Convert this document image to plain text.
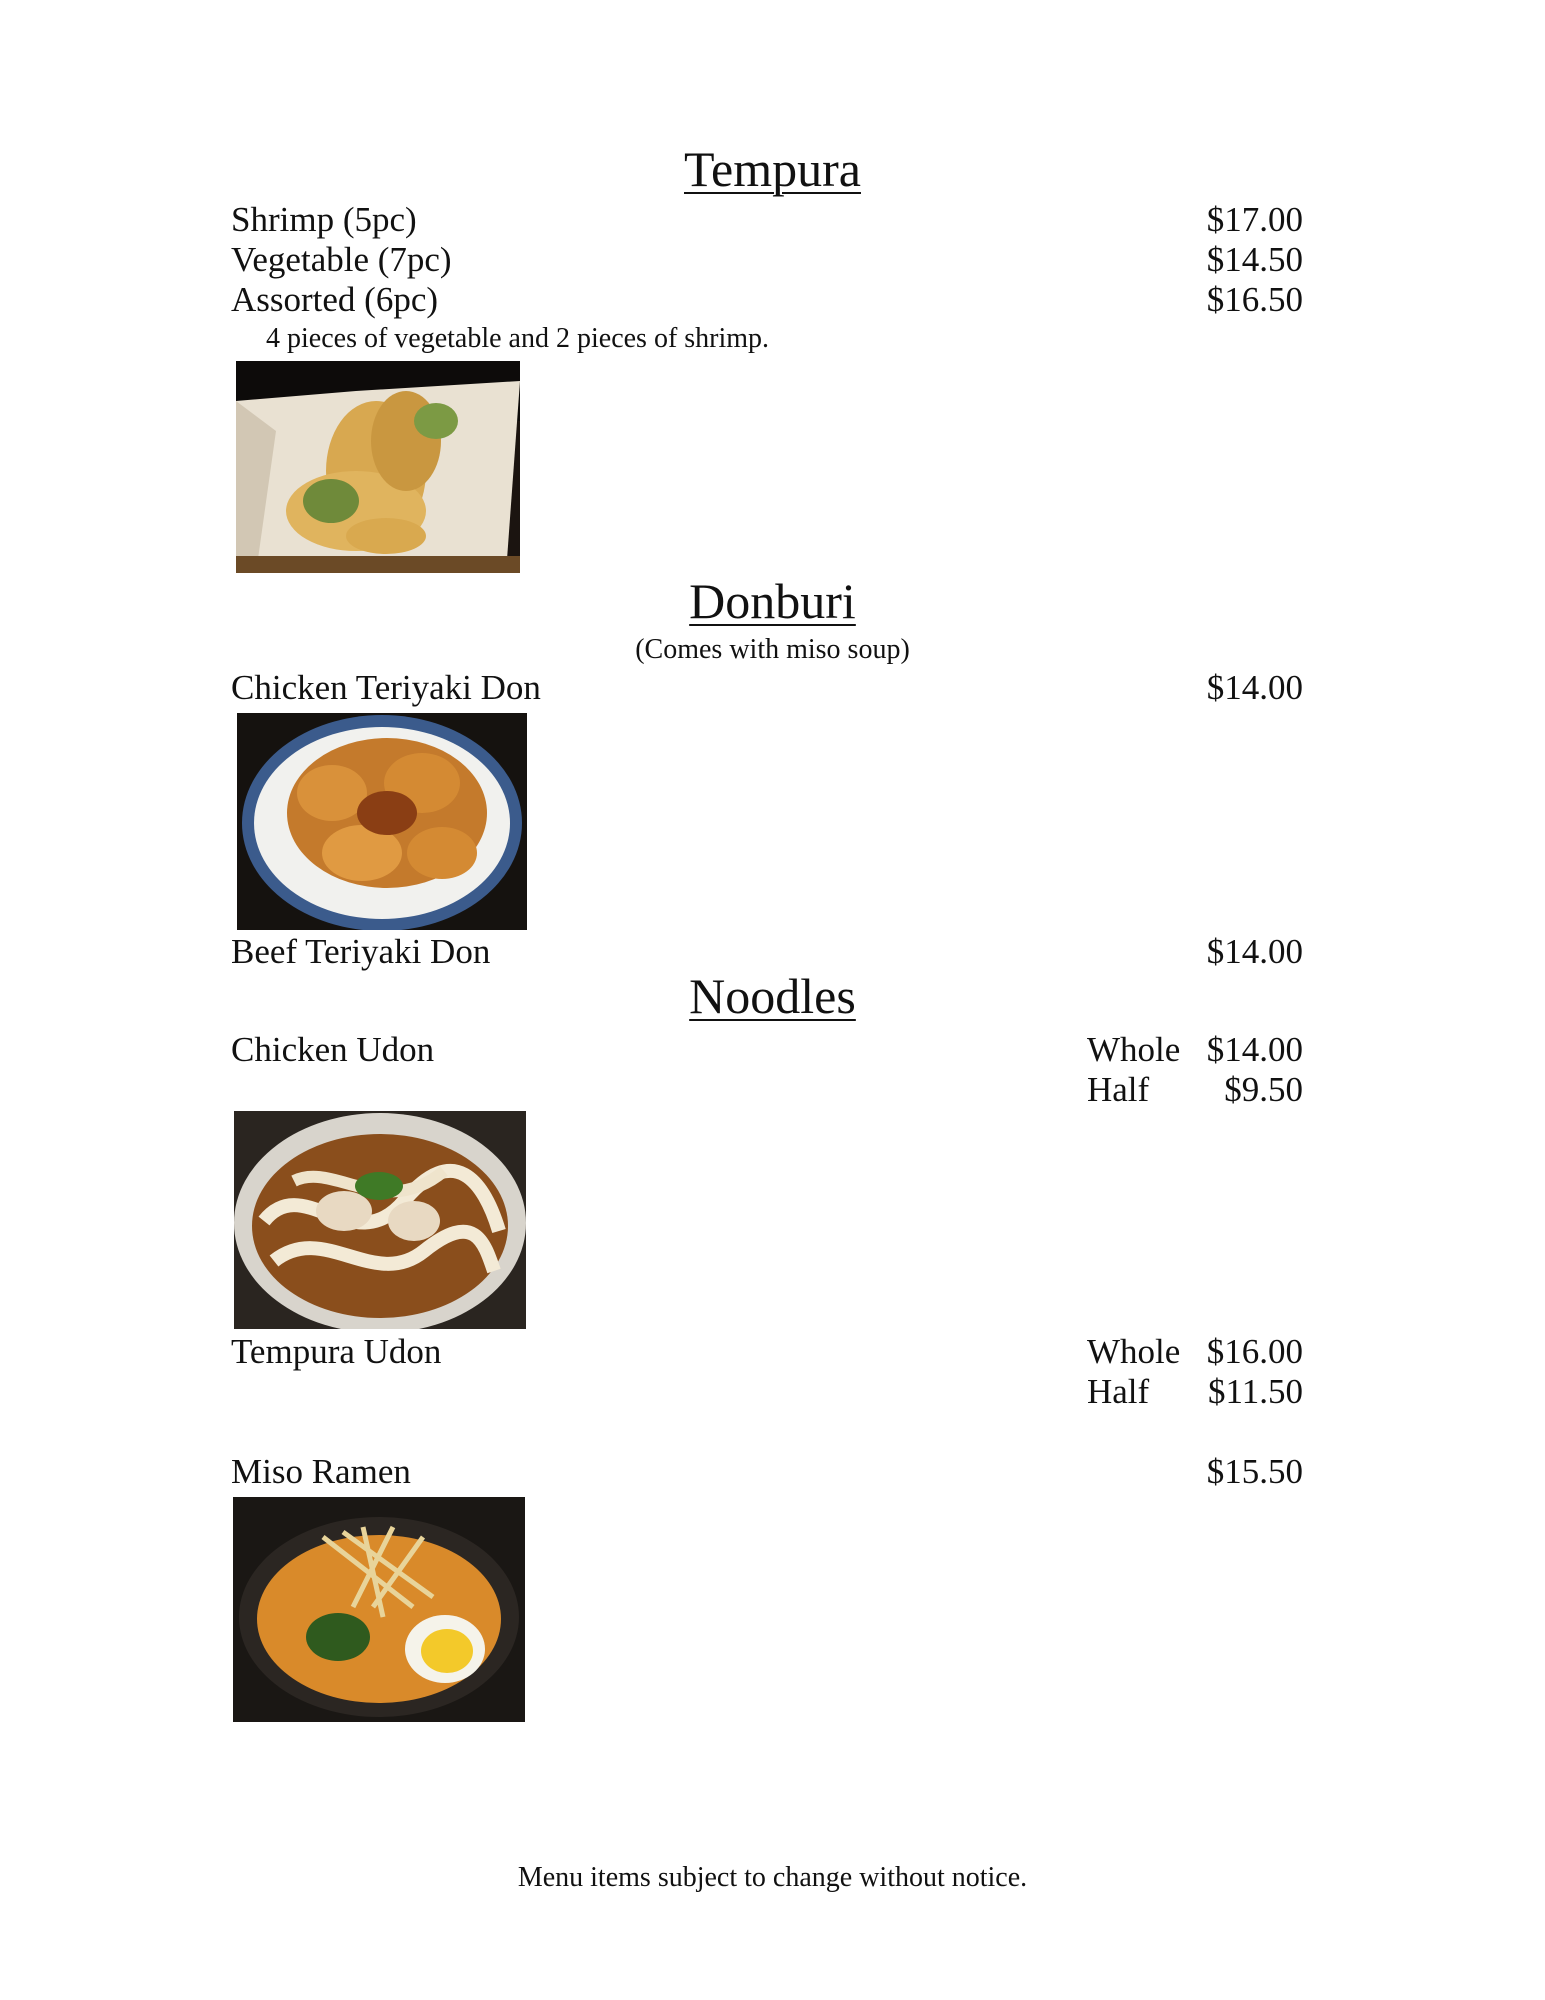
Tempura
Shrimp (5pc)	$17.00
Vegetable (7pc)	$14.50
Assorted (6pc)	$16.50
4 pieces of vegetable and 2 pieces of shrimp.
Donburi
(Comes with miso soup)
Chicken Teriyaki Don	$14.00
Beef Teriyaki Don	$14.00
Noodles
Chicken Udon	Whole $14.00
Half	$9.50
Tempura Udon	Whole $16.00
Half	$11.50
Miso Ramen	$15.50
Menu items subject to change without notice.
